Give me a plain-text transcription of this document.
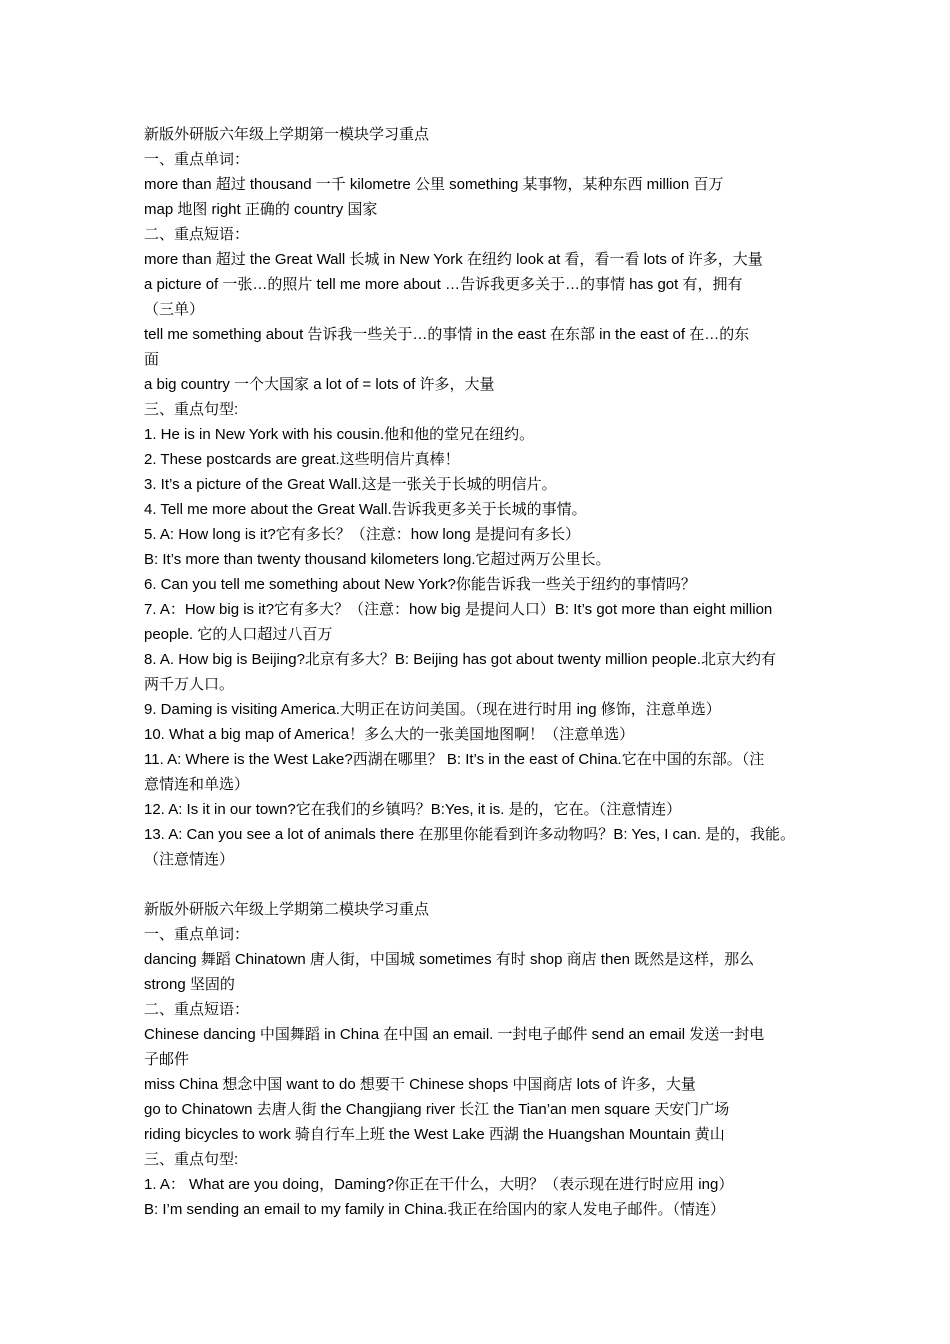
新版外研版六年级上学期第一模块学习重点
一、重点单词：
more than 超过 thousand 一千 kilometre 公里 something 某事物，某种东西 million 百万
map 地图 right 正确的 country 国家
二、重点短语：
more than 超过 the Great Wall 长城 in New York 在纽约 look at 看，看一看 lots of 许多，大量
a picture of 一张…的照片 tell me more about …告诉我更多关于…的事情 has got 有，拥有
（三单）
tell me something about 告诉我一些关于…的事情 in the east 在东部 in the east of 在…的东
面
a big country 一个大国家 a lot of = lots of 许多，大量
三、重点句型:
1. He is in New York with his cousin.他和他的堂兄在纽约。
2. These postcards are great.这些明信片真棒！
3. It’s a picture of the Great Wall.这是一张关于长城的明信片。
4. Tell me more about the Great Wall.告诉我更多关于长城的事情。
5. A: How long is it?它有多长？（注意：how long 是提问有多长）
B: It’s more than twenty thousand kilometers long.它超过两万公里长。
6. Can you tell me something about New York?你能告诉我一些关于纽约的事情吗？
7. A：How big is it?它有多大？（注意：how big 是提问人口）B: It’s got more than eight million
people. 它的人口超过八百万
8. A. How big is Beijing?北京有多大？B: Beijing has got about twenty million people.北京大约有
两千万人口。
9. Daming is visiting America.大明正在访问美国。（现在进行时用 ing 修饰，注意单选）
10. What a big map of America！多么大的一张美国地图啊！（注意单选）
11. A: Where is the West Lake?西湖在哪里？ B: It’s in the east of China.它在中国的东部。（注
意情连和单选）
12. A: Is it in our town?它在我们的乡镇吗？B:Yes, it is. 是的，它在。（注意情连）
13. A: Can you see a lot of animals there 在那里你能看到许多动物吗？B: Yes, I can. 是的，我能。
（注意情连）
新版外研版六年级上学期第二模块学习重点
一、重点单词：
dancing 舞蹈 Chinatown 唐人街，中国城 sometimes 有时 shop 商店 then 既然是这样，那么
strong 坚固的
二、重点短语：
Chinese dancing 中国舞蹈 in China 在中国 an email. 一封电子邮件 send an email 发送一封电
子邮件
miss China 想念中国 want to do 想要干 Chinese shops 中国商店 lots of 许多，大量
go to Chinatown 去唐人街 the Changjiang river 长江 the Tian’an men square 天安门广场
riding bicycles to work 骑自行车上班 the West Lake 西湖 the Huangshan Mountain 黄山
三、重点句型:
1. A： What are you doing，Daming?你正在干什么，大明？（表示现在进行时应用 ing）
B: I’m sending an email to my family in China.我正在给国内的家人发电子邮件。（情连）
